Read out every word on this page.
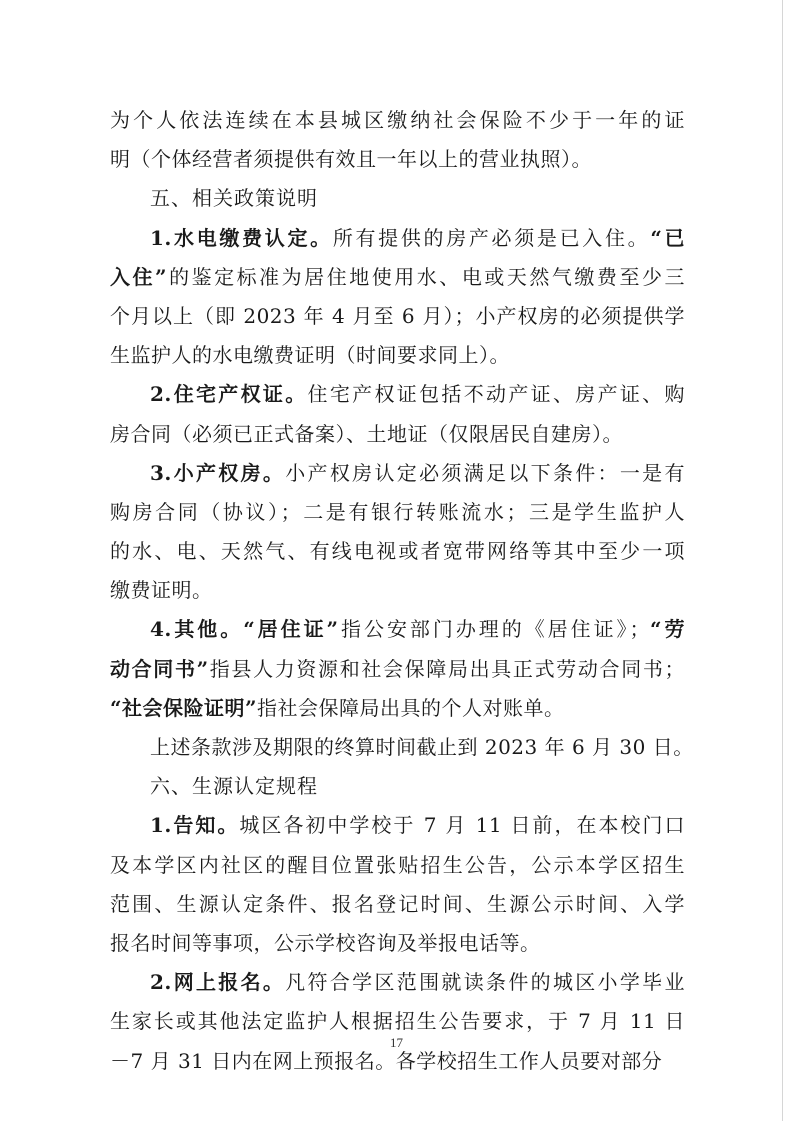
为个人依法连续在本县城区缴纳社会保险不少于一年的证
明（个体经营者须提供有效且一年以上的营业执照）。
五、相关政策说明
1.水电缴费认定。所有提供的房产必须是已入住。“已
入住”的鉴定标准为居住地使用水、电或天然气缴费至少三
个月以上（即 2023 年 4 月至 6 月）；小产权房的必须提供学
生监护人的水电缴费证明（时间要求同上）。
2.住宅产权证。住宅产权证包括不动产证、房产证、购
房合同（必须已正式备案）、土地证（仅限居民自建房）。
3.小产权房。小产权房认定必须满足以下条件：一是有
购房合同（协议）；二是有银行转账流水；三是学生监护人
的水、电、天然气、有线电视或者宽带网络等其中至少一项
缴费证明。
4.其他。“居住证”指公安部门办理的《居住证》；“劳
动合同书”指县人力资源和社会保障局出具正式劳动合同书；
“社会保险证明”指社会保障局出具的个人对账单。
上述条款涉及期限的终算时间截止到 2023 年 6 月 30 日。
六、生源认定规程
1.告知。城区各初中学校于 7 月 11 日前，在本校门口
及本学区内社区的醒目位置张贴招生公告，公示本学区招生
范围、生源认定条件、报名登记时间、生源公示时间、入学
报名时间等事项，公示学校咨询及举报电话等。
2.网上报名。凡符合学区范围就读条件的城区小学毕业
生家长或其他法定监护人根据招生公告要求，于 7 月 11 日
－7 月 31 日内在网上预报名。各学校招生工作人员要对部分
17
